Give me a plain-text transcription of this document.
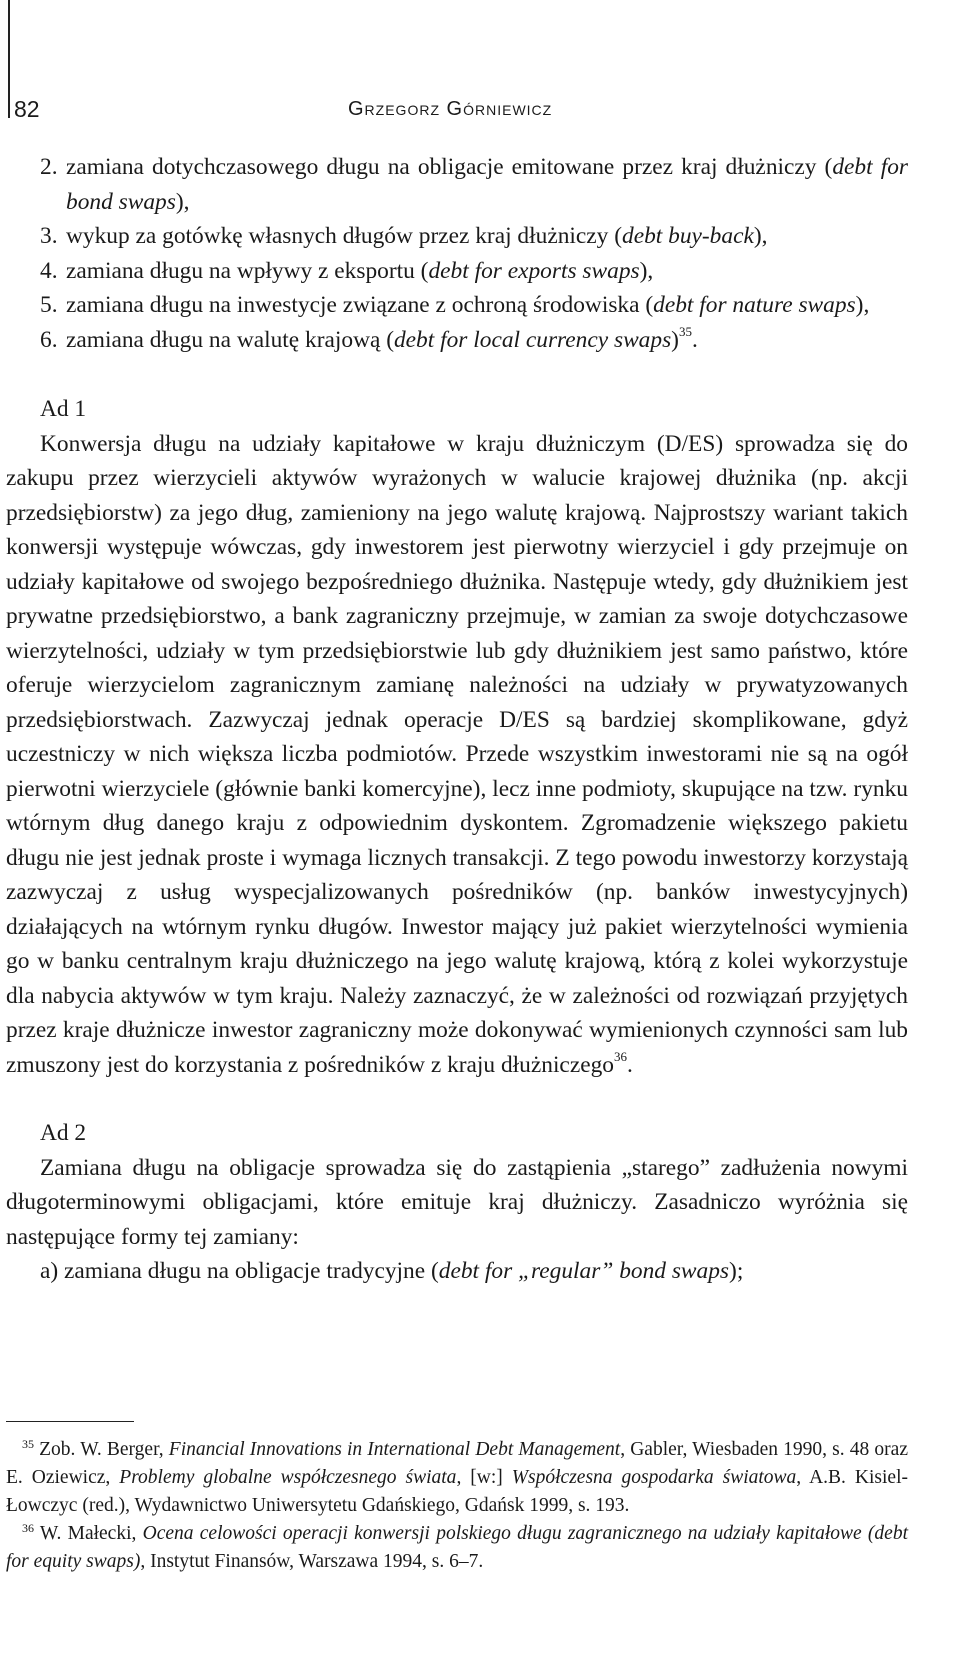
82	Grzegorz Górniewicz
2. zamiana dotychczasowego długu na obligacje emitowane przez kraj dłużniczy (debt for bond swaps),
3. wykup za gotówkę własnych długów przez kraj dłużniczy (debt buy-back),
4. zamiana długu na wpływy z eksportu (debt for exports swaps),
5. zamiana długu na inwestycje związane z ochroną środowiska (debt for nature swaps),
6. zamiana długu na walutę krajową (debt for local currency swaps)$^{35}$.
Ad 1

Konwersja długu na udziały kapitałowe w kraju dłużniczym (D/ES) sprowadza się do zakupu przez wierzycieli aktywów wyrażonych w walucie krajowej dłużnika (np. akcji przedsiębiorstw) za jego dług, zamieniony na jego walutę krajową. Najprostszy wariant takich konwersji występuje wówczas, gdy inwestorem jest pierwotny wierzyciel i gdy przejmuje on udziały kapitałowe od swojego bezpośredniego dłużnika. Następuje wtedy, gdy dłużnikiem jest prywatne przedsiębiorstwo, a bank zagraniczny przejmuje, w zamian za swoje dotychczasowe wierzytelności, udziały w tym przedsiębiorstwie lub gdy dłużnikiem jest samo państwo, które oferuje wierzycielom zagranicznym zamianę należności na udziały w prywatyzowanych przedsiębiorstwach. Zazwyczaj jednak operacje D/ES są bardziej skomplikowane, gdyż uczestniczy w nich większa liczba podmiotów. Przede wszystkim inwestorami nie są na ogół pierwotni wierzyciele (głównie banki komercyjne), lecz inne podmioty, skupujące na tzw. rynku wtórnym dług danego kraju z odpowiednim dyskontem. Zgromadzenie większego pakietu długu nie jest jednak proste i wymaga licznych transakcji. Z tego powodu inwestorzy korzystają zazwyczaj z usług wyspecjalizowanych pośredników (np. banków inwestycyjnych) działających na wtórnym rynku długów. Inwestor mający już pakiet wierzytelności wymienia go w banku centralnym kraju dłużniczego na jego walutę krajową, którą z kolei wykorzystuje dla nabycia aktywów w tym kraju. Należy zaznaczyć, że w zależności od rozwiązań przyjętych przez kraje dłużnicze inwestor zagraniczny może dokonywać wymienionych czynności sam lub zmuszony jest do korzystania z pośredników z kraju dłużniczego$^{36}$.

Ad 2

Zamiana długu na obligacje sprowadza się do zastąpienia „starego” zadłużenia nowymi długoterminowymi obligacjami, które emituje kraj dłużniczy. Zasadniczo wyróżnia się następujące formy tej zamiany:

a) zamiana długu na obligacje tradycyjne (debt for „regular” bond swaps);

$^{35}$ Zob. W. Berger, Financial Innovations in International Debt Management, Gabler, Wiesbaden 1990, s. 48 oraz E. Oziewicz, Problemy globalne współczesnego świata, [w:] Współczesna gospodarka światowa, A.B. Kisiel-Łowczyc (red.), Wydawnictwo Uniwersytetu Gdańskiego, Gdańsk 1999, s. 193.

$^{36}$ W. Małecki, Ocena celowości operacji konwersji polskiego długu zagranicznego na udziały kapitałowe (debt for equity swaps), Instytut Finansów, Warszawa 1994, s. 6–7.
